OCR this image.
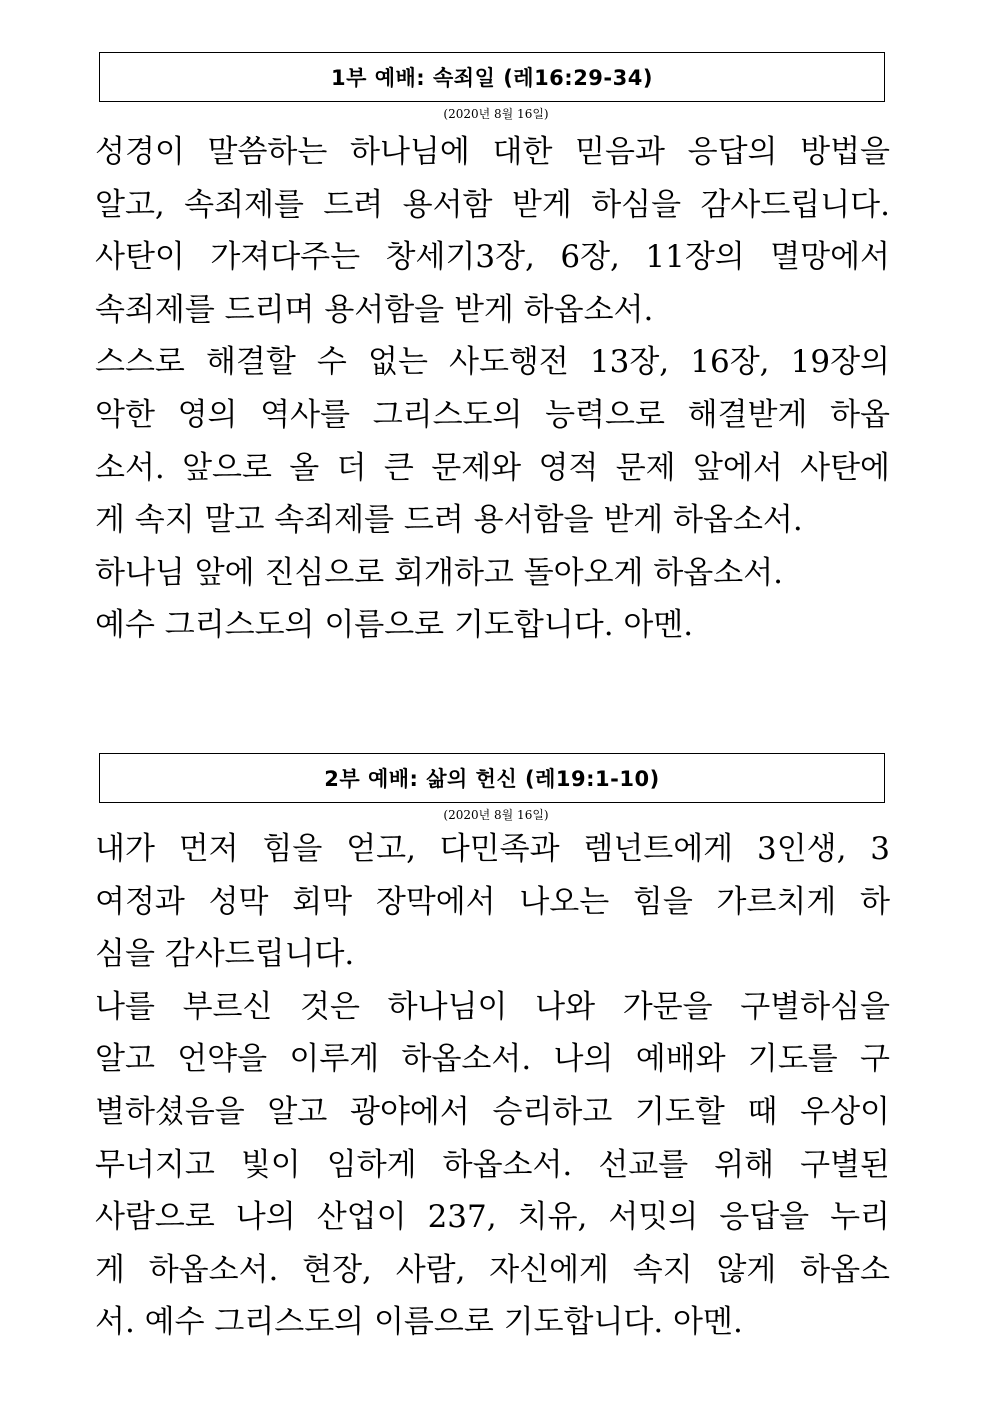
1부 예배: 속죄일 (레16:29-34)
(2020년 8월 16일)
성경이 말씀하는 하나님에 대한 믿음과 응답의 방법을
알고, 속죄제를 드려 용서함 받게 하심을 감사드립니다.
사탄이 가져다주는 창세기3장, 6장, 11장의 멸망에서
속죄제를 드리며 용서함을 받게 하옵소서.
스스로 해결할 수 없는 사도행전 13장, 16장, 19장의
악한 영의 역사를 그리스도의 능력으로 해결받게 하옵
소서. 앞으로 올 더 큰 문제와 영적 문제 앞에서 사탄에
게 속지 말고 속죄제를 드려 용서함을 받게 하옵소서.
하나님 앞에 진심으로 회개하고 돌아오게 하옵소서.
예수 그리스도의 이름으로 기도합니다. 아멘.
2부 예배: 삶의 헌신 (레19:1-10)
(2020년 8월 16일)
내가 먼저 힘을 얻고, 다민족과 렘넌트에게 3인생, 3
여정과 성막 회막 장막에서 나오는 힘을 가르치게 하
심을 감사드립니다.
나를 부르신 것은 하나님이 나와 가문을 구별하심을
알고 언약을 이루게 하옵소서. 나의 예배와 기도를 구
별하셨음을 알고 광야에서 승리하고 기도할 때 우상이
무너지고 빛이 임하게 하옵소서. 선교를 위해 구별된
사람으로 나의 산업이 237, 치유, 서밋의 응답을 누리
게 하옵소서. 현장, 사람, 자신에게 속지 않게 하옵소
서. 예수 그리스도의 이름으로 기도합니다. 아멘.
